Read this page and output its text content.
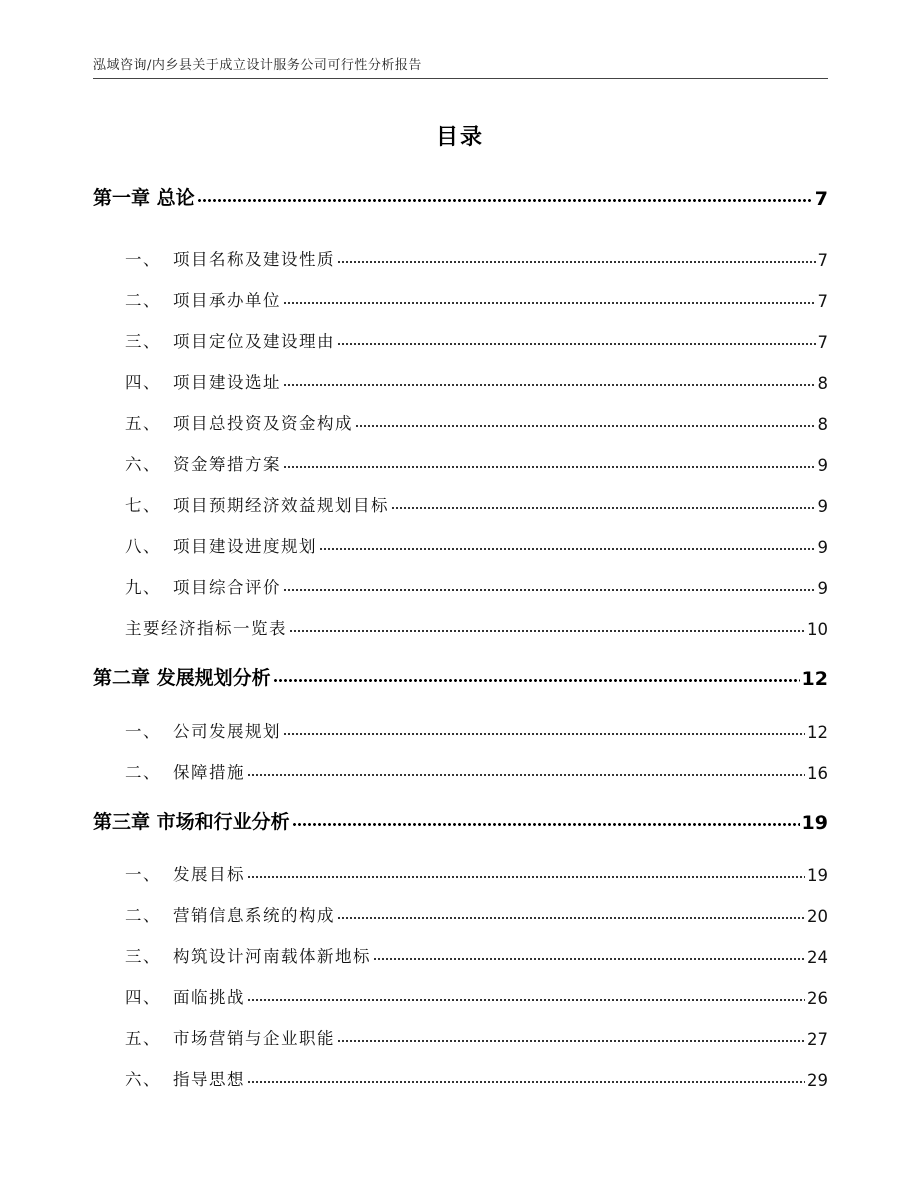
泓域咨询/内乡县关于成立设计服务公司可行性分析报告
目录
第一章 总论	7
一、 项目名称及建设性质	7
二、 项目承办单位	7
三、 项目定位及建设理由	7
四、 项目建设选址	8
五、 项目总投资及资金构成	8
六、 资金筹措方案	9
七、 项目预期经济效益规划目标	9
八、 项目建设进度规划	9
九、 项目综合评价	9
主要经济指标一览表	10
第二章 发展规划分析	12
一、 公司发展规划	12
二、 保障措施	16
第三章 市场和行业分析	19
一、 发展目标	19
二、 营销信息系统的构成	20
三、 构筑设计河南载体新地标	24
四、 面临挑战	26
五、 市场营销与企业职能	27
六、 指导思想	29
